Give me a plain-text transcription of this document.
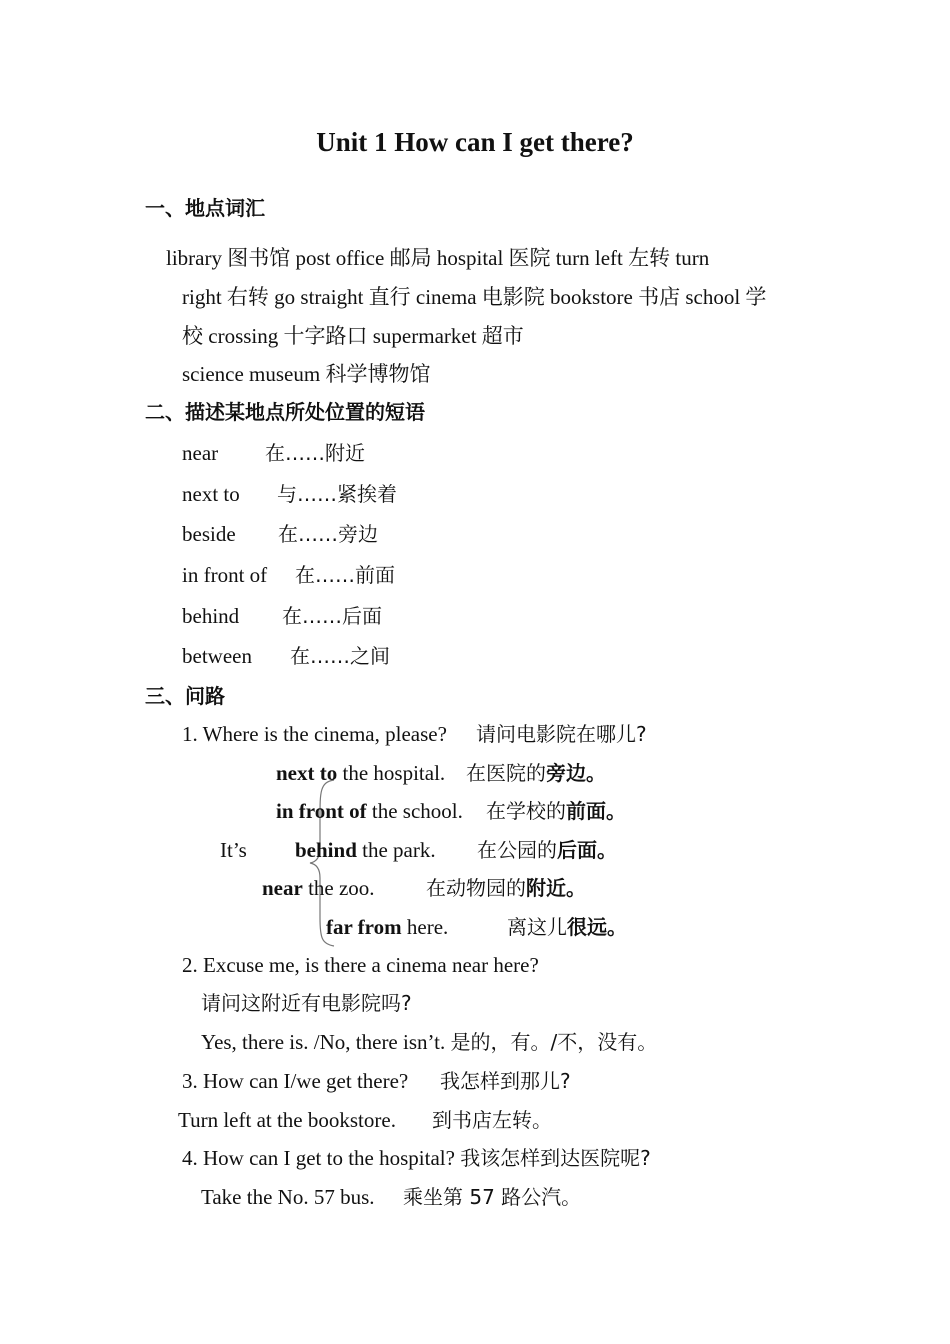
Unit 1 How can I get there?
一、地点词汇
library 图书馆 post office 邮局 hospital 医院 turn left 左转 turn
right 右转 go straight 直行 cinema 电影院 bookstore 书店 school 学
校 crossing 十字路口 supermarket 超市
science museum 科学博物馆
二、描述某地点所处位置的短语
near 在……附近
next to 与……紧挨着
beside 在……旁边
in front of 在……前面
behind 在……后面
between 在……之间
三、问路
1. Where is the cinema, please? 请问电影院在哪儿?
next to the hospital. 在医院的旁边。
in front of the school. 在学校的前面。
It’s behind the park. 在公园的后面。
near the zoo.	在动物园的附近。
far from here.	离这儿很远。
2. Excuse me, is there a cinema near here?
请问这附近有电影院吗?
Yes, there is. /No, there isn’t. 是的，有。/不，没有。
3. How can I/we get there? 我怎样到那儿?
Turn left at the bookstore. 到书店左转。
4. How can I get to the hospital? 我该怎样到达医院呢?
Take the No. 57 bus. 乘坐第 57 路公汽。
